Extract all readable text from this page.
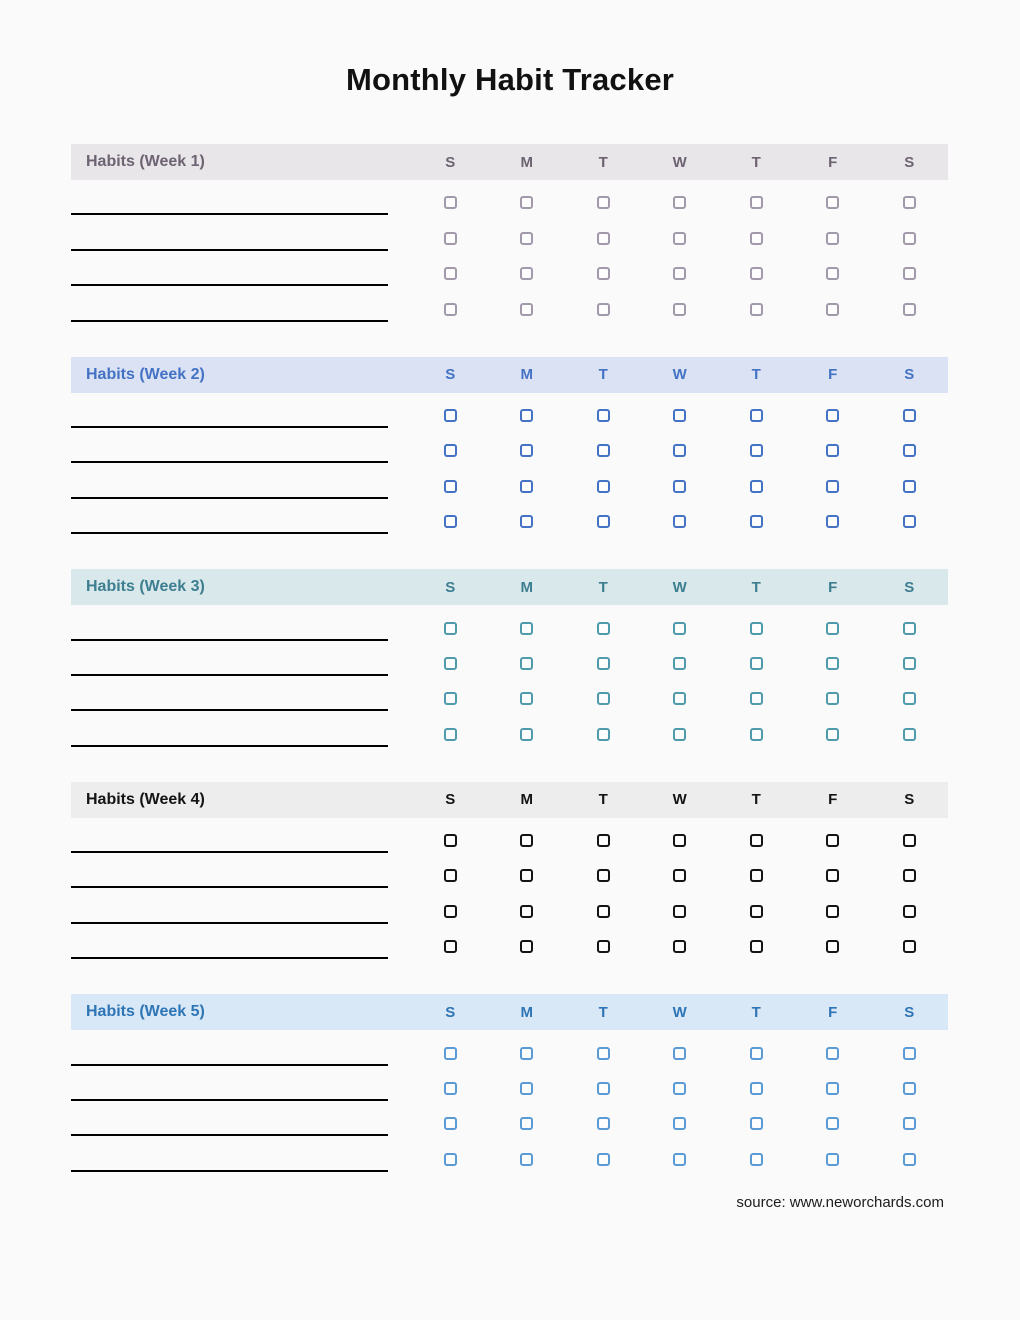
Monthly Habit Tracker
Habits (Week 1)	S	M	T	W	T	F	S
Habits (Week 2)	S	M	T	W	T	F	S
Habits (Week 3)	S	M	T	W	T	F	S
Habits (Week 4)	S	M	T	W	T	F	S
Habits (Week 5)	S	M	T	W	T	F	S
source: www.neworchards.com
